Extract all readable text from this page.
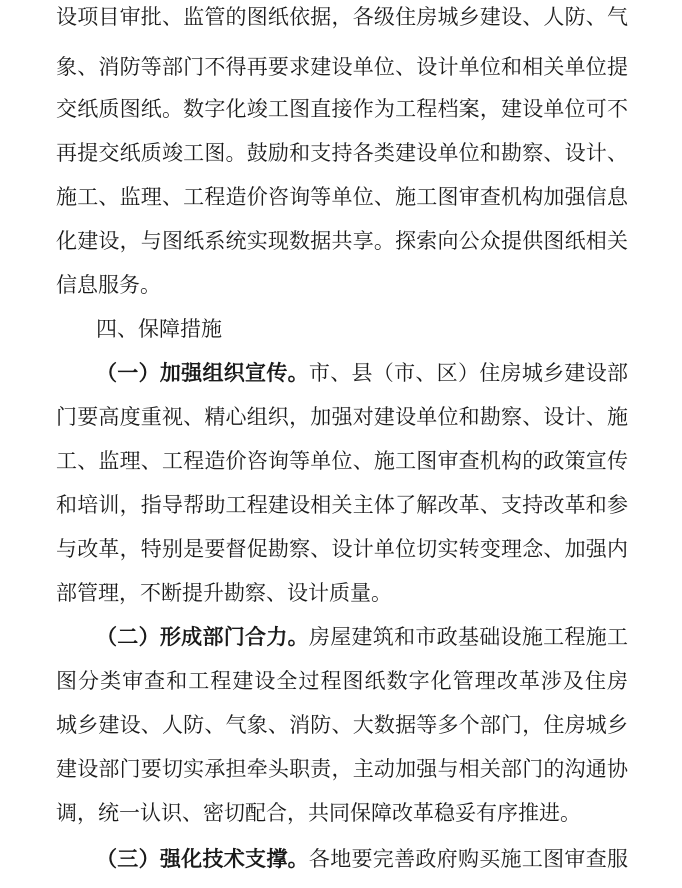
设项目审批、监管的图纸依据，各级住房城乡建设、人防、气
象、消防等部门不得再要求建设单位、设计单位和相关单位提
交纸质图纸。数字化竣工图直接作为工程档案，建设单位可不
再提交纸质竣工图。鼓励和支持各类建设单位和勘察、设计、
施工、监理、工程造价咨询等单位、施工图审查机构加强信息
化建设，与图纸系统实现数据共享。探索向公众提供图纸相关
信息服务。
四、保障措施
（一）加强组织宣传。市、县（市、区）住房城乡建设部
门要高度重视、精心组织，加强对建设单位和勘察、设计、施
工、监理、工程造价咨询等单位、施工图审查机构的政策宣传
和培训，指导帮助工程建设相关主体了解改革、支持改革和参
与改革，特别是要督促勘察、设计单位切实转变理念、加强内
部管理，不断提升勘察、设计质量。
（二）形成部门合力。房屋建筑和市政基础设施工程施工
图分类审查和工程建设全过程图纸数字化管理改革涉及住房
城乡建设、人防、气象、消防、大数据等多个部门，住房城乡
建设部门要切实承担牵头职责，主动加强与相关部门的沟通协
调，统一认识、密切配合，共同保障改革稳妥有序推进。
（三）强化技术支撑。各地要完善政府购买施工图审查服
